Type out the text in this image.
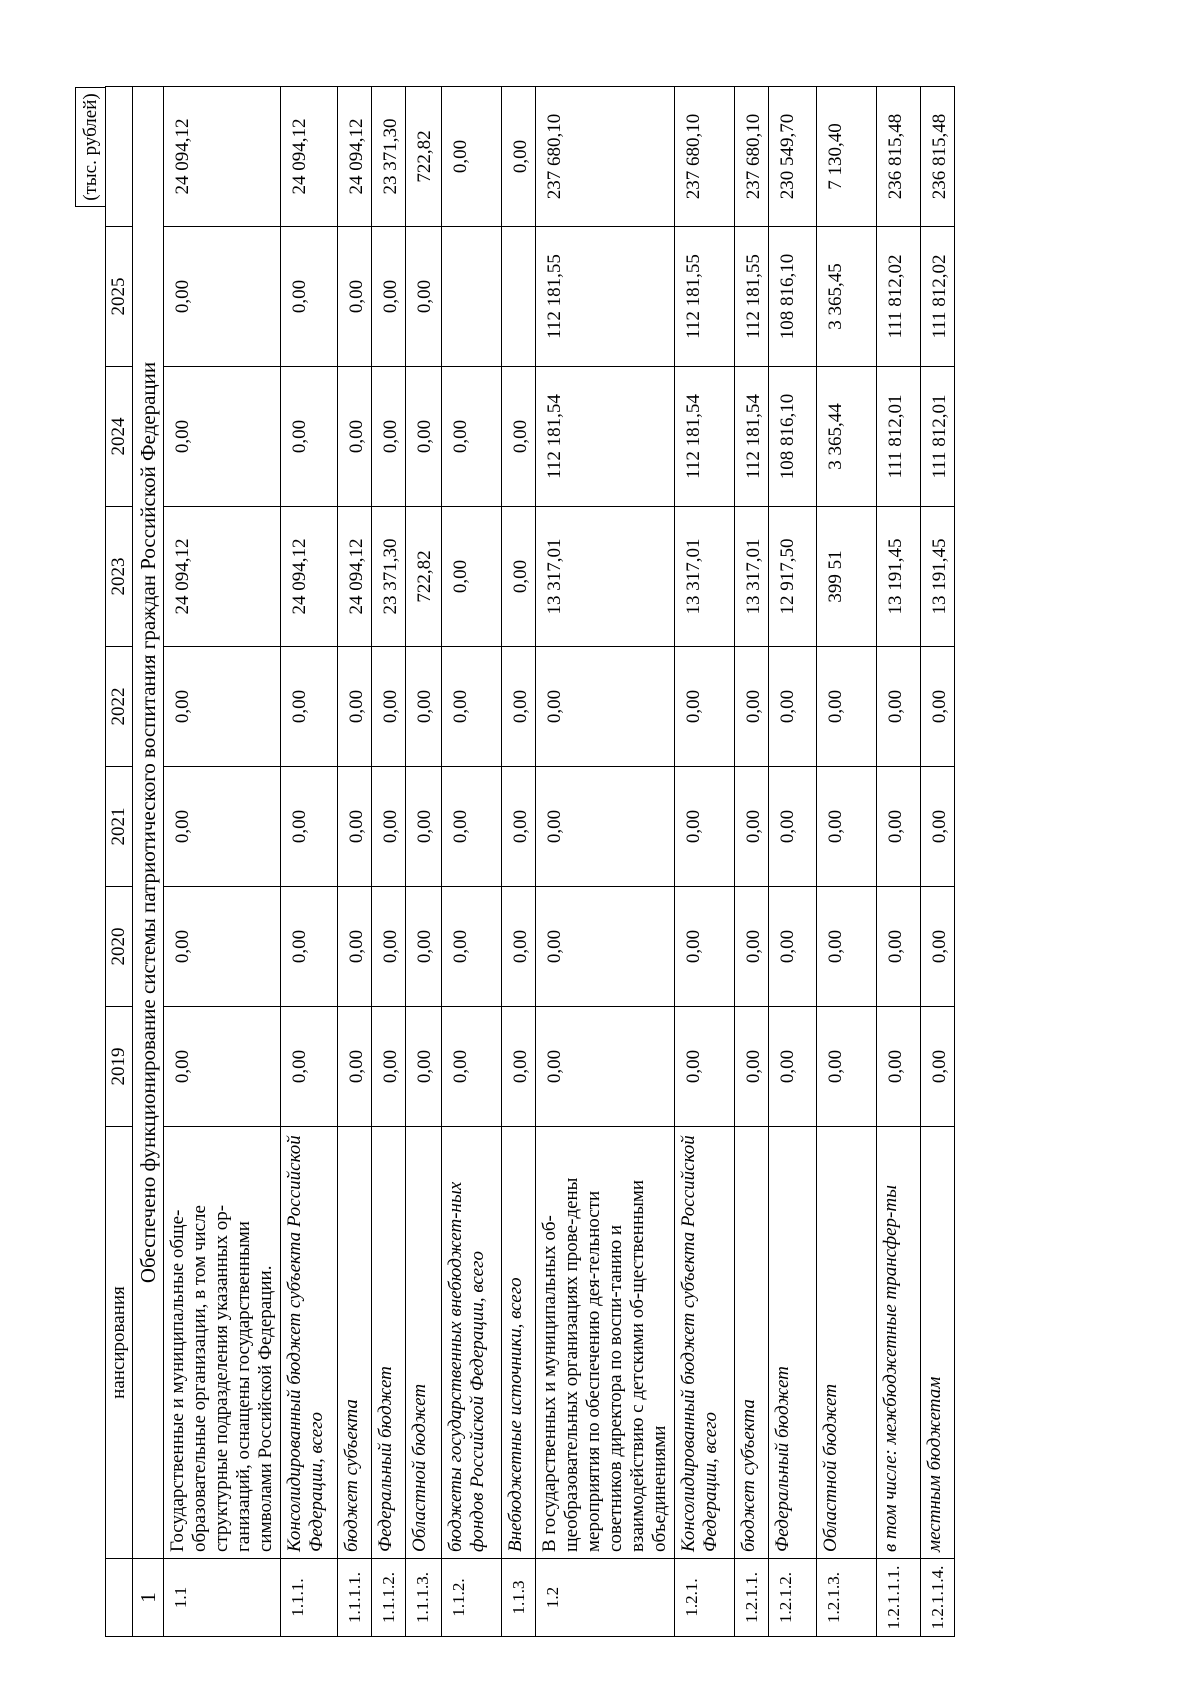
(тыс. рублей)
	нансирования	2019	2020	2021	2022	2023	2024	2025	
1	Обеспечено функционирование системы патриотического воспитания граждан Российской Федерации								
1.1	Государственные и муниципальные обще-образовательные организации, в том числе структурные подразделения указанных ор-ганизаций, оснащены государственными символами Российской Федерации.	0,00	0,00	0,00	0,00	24 094,12	0,00	0,00	24 094,12
1.1.1.	Консолидированный бюджет субъекта Российской Федерации, всего	0,00	0,00	0,00	0,00	24 094,12	0,00	0,00	24 094,12
1.1.1.1.	бюджет субъекта	0,00	0,00	0,00	0,00	24 094,12	0,00	0,00	24 094,12
1.1.1.2.	Федеральный бюджет	0,00	0,00	0,00	0,00	23 371,30	0,00	0,00	23 371,30
1.1.1.3.	Областной бюджет	0,00	0,00	0,00	0,00	722,82	0,00	0,00	722,82
1.1.2.	бюджеты государственных внебюджет-ных фондов Российской Федерации, всего	0,00	0,00	0,00	0,00	0,00	0,00		0,00
1.1.3	Внебюджетные источники, всего	0,00	0,00	0,00	0,00	0,00	0,00		0,00
1.2	В государственных и муниципальных об-щеобразовательных организациях прове-дены мероприятия по обеспечению дея-тельности советников директора по воспи-танию и взаимодействию с детскими об-щественными объединениями	0,00	0,00	0,00	0,00	13 317,01	112 181,54	112 181,55	237 680,10
1.2.1.	Консолидированный бюджет субъекта Российской Федерации, всего	0,00	0,00	0,00	0,00	13 317,01	112 181,54	112 181,55	237 680,10
1.2.1.1.	бюджет субъекта	0,00	0,00	0,00	0,00	13 317,01	112 181,54	112 181,55	237 680,10
1.2.1.2.	Федеральный бюджет	0,00	0,00	0,00	0,00	12 917,50	108 816,10	108 816,10	230 549,70
1.2.1.3.	Областной бюджет	0,00	0,00	0,00	0,00	399 51	3 365,44	3 365,45	7 130,40
1.2.1.1.1.	в том числе: межбюджетные трансфер-ты	0,00	0,00	0,00	0,00	13 191,45	111 812,01	111 812,02	236 815,48
1.2.1.1.4.	местным бюджетам	0,00	0,00	0,00	0,00	13 191,45	111 812,01	111 812,02	236 815,48
